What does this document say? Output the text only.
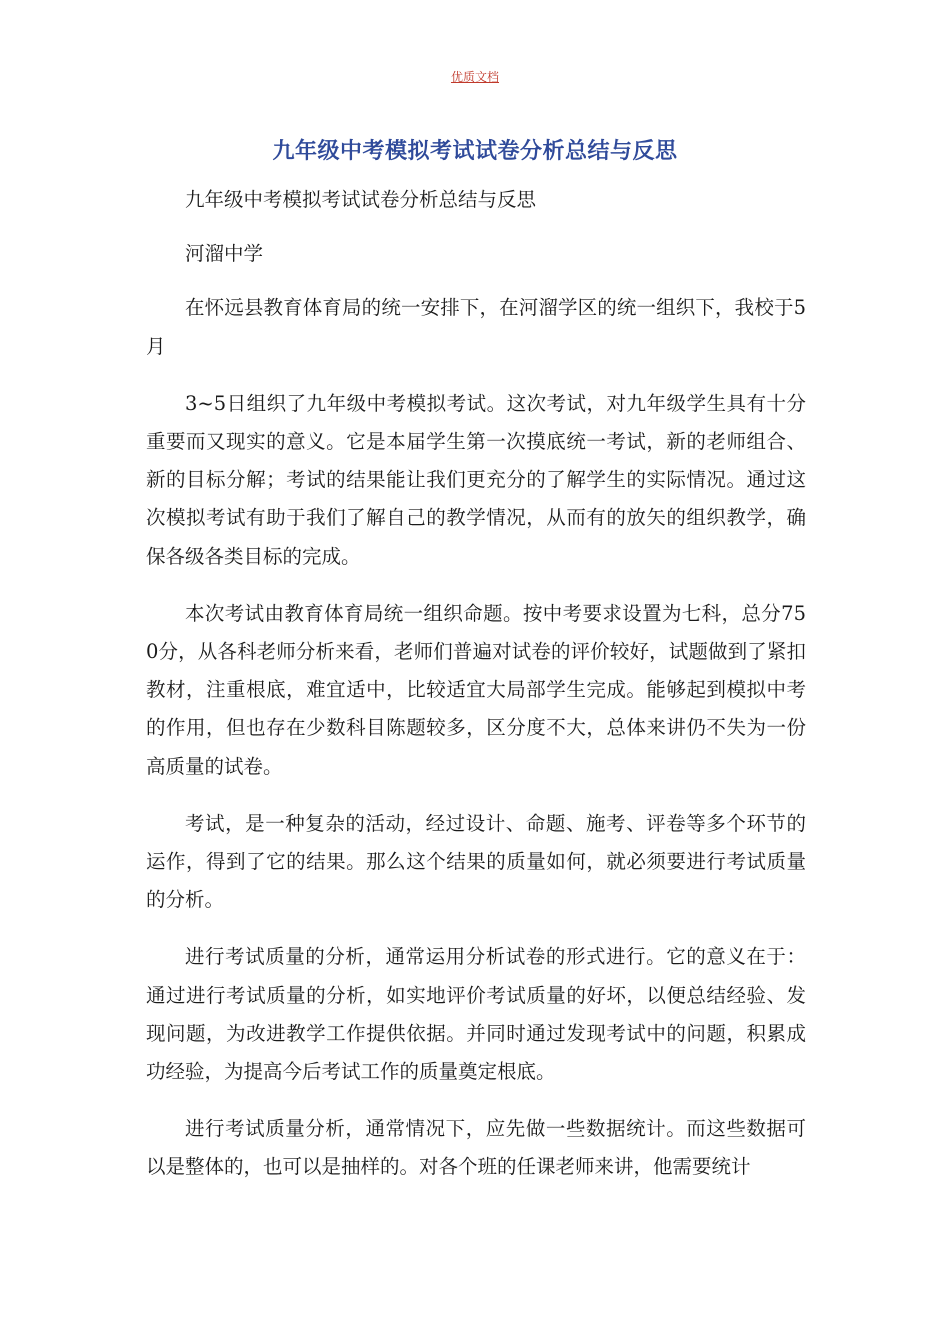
优质文档
九年级中考模拟考试试卷分析总结与反思

九年级中考模拟考试试卷分析总结与反思

河溜中学

在怀远县教育体育局的统一安排下，在河溜学区的统一组织下，我校于5月

3~5日组织了九年级中考模拟考试。这次考试，对九年级学生具有十分重要而又现实的意义。它是本届学生第一次摸底统一考试，新的老师组合、新的目标分解；考试的结果能让我们更充分的了解学生的实际情况。通过这次模拟考试有助于我们了解自己的教学情况，从而有的放矢的组织教学，确保各级各类目标的完成。

本次考试由教育体育局统一组织命题。按中考要求设置为七科，总分750分，从各科老师分析来看，老师们普遍对试卷的评价较好，试题做到了紧扣教材，注重根底，难宜适中，比较适宜大局部学生完成。能够起到模拟中考的作用，但也存在少数科目陈题较多，区分度不大，总体来讲仍不失为一份高质量的试卷。

考试，是一种复杂的活动，经过设计、命题、施考、评卷等多个环节的运作，得到了它的结果。那么这个结果的质量如何，就必须要进行考试质量的分析。

进行考试质量的分析，通常运用分析试卷的形式进行。它的意义在于：通过进行考试质量的分析，如实地评价考试质量的好坏，以便总结经验、发现问题，为改进教学工作提供依据。并同时通过发现考试中的问题，积累成功经验，为提高今后考试工作的质量奠定根底。

进行考试质量分析，通常情况下，应先做一些数据统计。而这些数据可以是整体的，也可以是抽样的。对各个班的任课老师来讲，他需要统计
